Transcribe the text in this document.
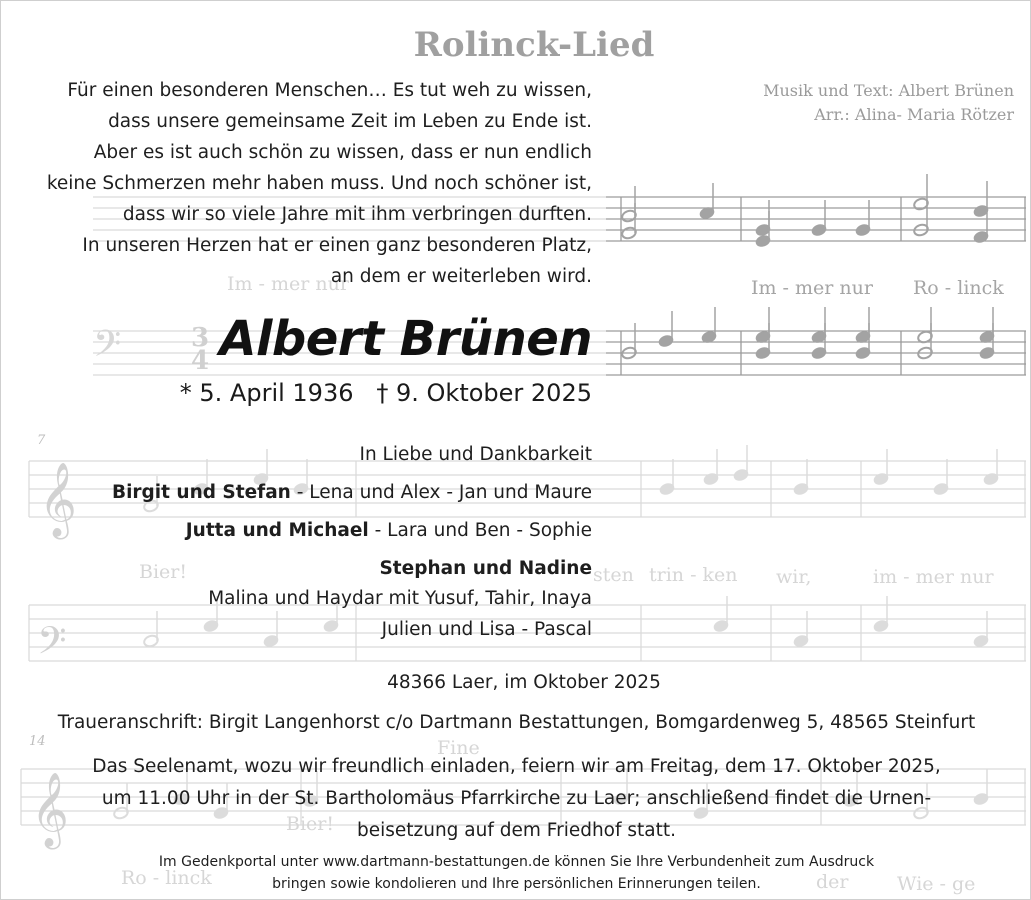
𝄞
𝄢
𝄞
𝄢	3
4
Rolinck-Lied
Musik und Text: Albert Brünen
Arr.: Alina- Maria Rötzer
Im - mer nur	Im - mer nur Ro - linck
Bier!	sten trin - ken wir,	im - mer nur
Ro - linck
Bier!
Fine
der	Wie - ge
7
14
Für einen besonderen Menschen… Es tut weh zu wissen,
dass unsere gemeinsame Zeit im Leben zu Ende ist.
Aber es ist auch schön zu wissen, dass er nun endlich
keine Schmerzen mehr haben muss. Und noch schöner ist,
dass wir so viele Jahre mit ihm verbringen durften.
In unseren Herzen hat er einen ganz besonderen Platz,
an dem er weiterleben wird.
Albert Brünen
* 5. April 1936 † 9. Oktober 2025
In Liebe und Dankbarkeit
Birgit und Stefan - Lena und Alex - Jan und Maure
Jutta und Michael - Lara und Ben - Sophie
Stephan und Nadine
Malina und Haydar mit Yusuf, Tahir, Inaya
Julien und Lisa - Pascal
48366 Laer, im Oktober 2025
Traueranschrift: Birgit Langenhorst c/o Dartmann Bestattungen, Bomgardenweg 5, 48565 Steinfurt
Das Seelenamt, wozu wir freundlich einladen, feiern wir am Freitag, dem 17. Oktober 2025,
um 11.00 Uhr in der St. Bartholomäus Pfarrkirche zu Laer; anschließend findet die Urnen-
beisetzung auf dem Friedhof statt.
Im Gedenkportal unter www.dartmann-bestattungen.de können Sie Ihre Verbundenheit zum Ausdruck
bringen sowie kondolieren und Ihre persönlichen Erinnerungen teilen.
